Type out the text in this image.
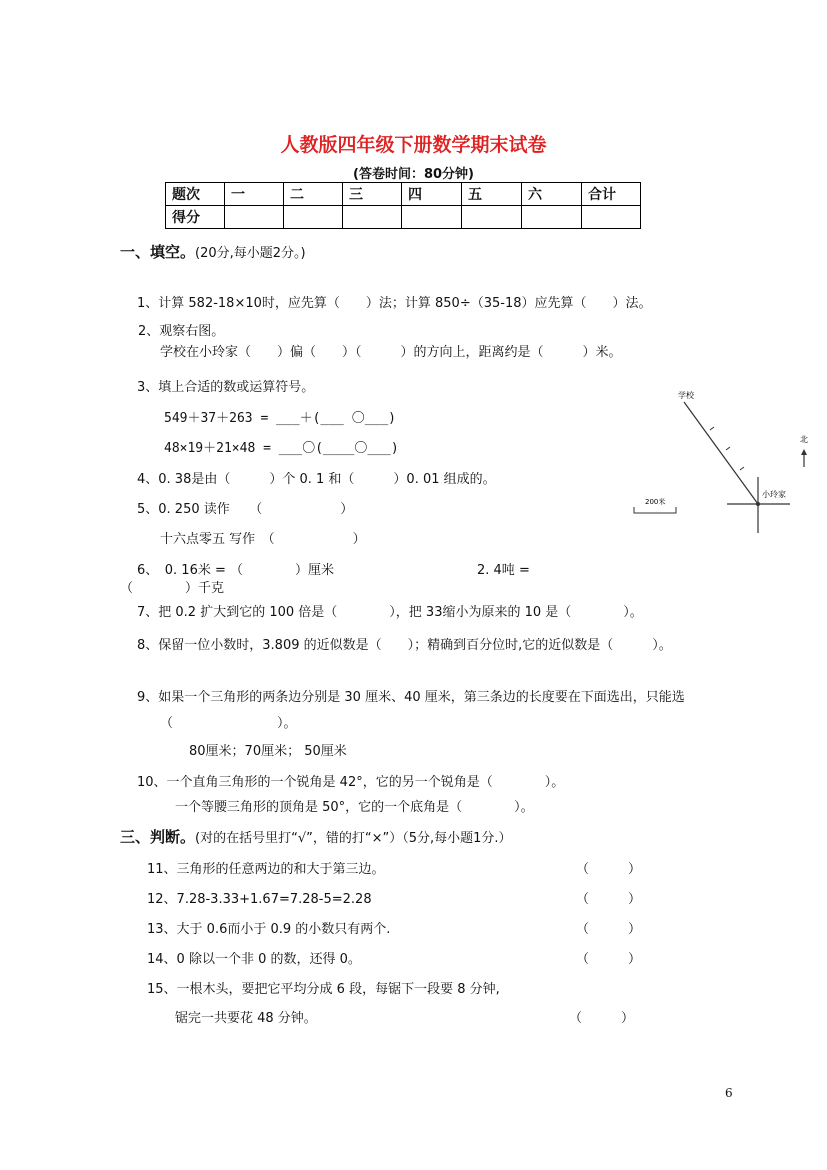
人教版四年级下册数学期末试卷
(答卷时间：80分钟)
题次	一	二	三	四	五	六	合计
得分							
一、填空。(20分,每小题2分。)
1、计算 582-18×10时，应先算（　　）法；计算 850÷（35-18）应先算（　　）法。
2、观察右图。
学校在小玲家（　　）偏（　　）（　　　）的方向上，距离约是（　　　）米。
3、填上合适的数或运算符号。
549＋37＋263 = ___＋(___ 〇___)
48×19＋21×48 = ___〇(____〇___)
4、0. 38是由（　　　）个 0. 1 和（　　　）0. 01 组成的。
5、0. 250 读作　　（　　　　　　）
十六点零五 写作　（　　　　　　）
6、　0. 16米 = （　　　　）厘米	2. 4吨 =
（　　　　）千克
7、把 0.2 扩大到它的 100 倍是（　　　　），把 33缩小为原来的 10 是（　　　　）。
8、保留一位小数时，3.809 的近似数是（　　）；精确到百分位时,它的近似数是（　　　）。
9、如果一个三角形的两条边分别是 30 厘米、40 厘米，第三条边的长度要在下面选出，只能选
（　　　　　　　　）。
80厘米；70厘米； 50厘米
10、一个直角三角形的一个锐角是 42°，它的另一个锐角是（　　　　）。
一个等腰三角形的顶角是 50°，它的一个底角是（　　　　）。
学校
小玲家
北
200米
三、判断。(对的在括号里打“√”，错的打“×”）（5分,每小题1分.）
11、三角形的任意两边的和大于第三边。	（　　　）
12、7.28-3.33+1.67=7.28-5=2.28	（　　　）
13、大于 0.6而小于 0.9 的小数只有两个.	（　　　）
14、0 除以一个非 0 的数，还得 0。	（　　　）
15、一根木头，要把它平均分成 6 段，每锯下一段要 8 分钟,
锯完一共要花 48 分钟。	（　　　）
6
